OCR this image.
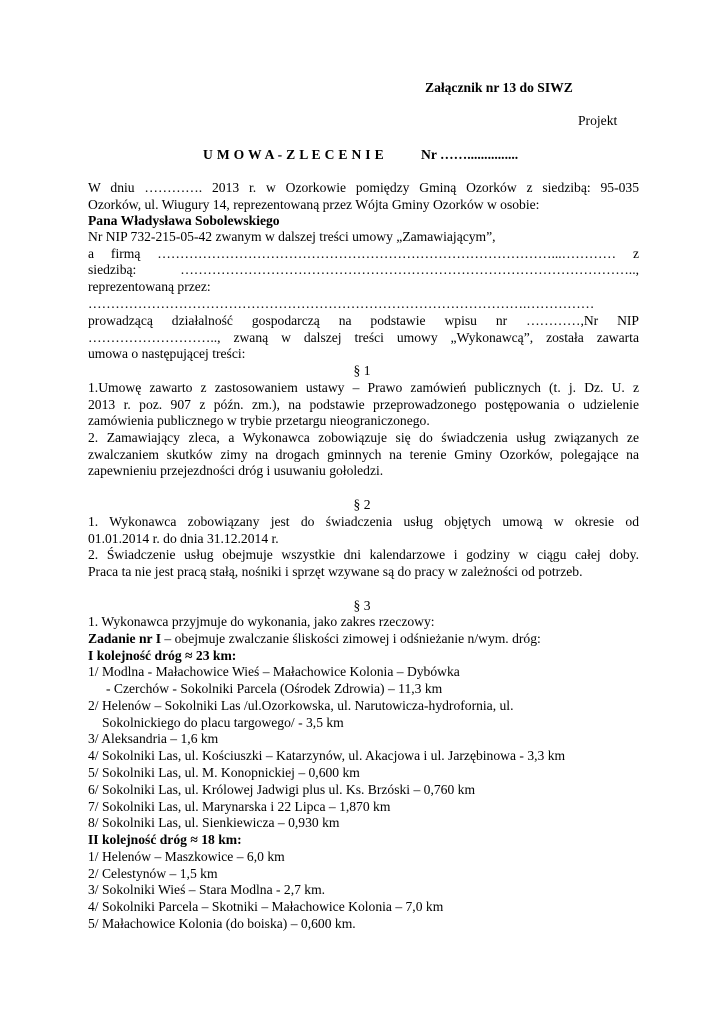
Załącznik nr 13 do SIWZ
Projekt
U M O W A - Z L E C E N I E	Nr ……...............
W dniu …………. 2013 r. w Ozorkowie pomiędzy Gminą Ozorków z siedzibą: 95-035
Ozorków, ul. Wiugury 14, reprezentowaną przez Wójta Gminy Ozorków w osobie:
Pana Władysława Sobolewskiego
Nr NIP 732-215-05-42 zwanym w dalszej treści umowy „Zamawiającym”,
a firmą ……………………………………………………………………………...………… z
siedzibą: ………………………………………………………………………………………..,
reprezentowaną przez:
…………………………………………………………………………………….……………
prowadzącą działalność gospodarczą na podstawie wpisu nr …………,Nr NIP
……………………….., zwaną w dalszej treści umowy „Wykonawcą”, została zawarta
umowa o następującej treści:
§ 1
1.Umowę zawarto z zastosowaniem ustawy – Prawo zamówień publicznych (t. j. Dz. U. z
2013 r. poz. 907 z późn. zm.), na podstawie przeprowadzonego postępowania o udzielenie
zamówienia publicznego w trybie przetargu nieograniczonego.
2. Zamawiający zleca, a Wykonawca zobowiązuje się do świadczenia usług związanych ze
zwalczaniem skutków zimy na drogach gminnych na terenie Gminy Ozorków, polegające na
zapewnieniu przejezdności dróg i usuwaniu gołoledzi.
§ 2
1. Wykonawca zobowiązany jest do świadczenia usług objętych umową w okresie od
01.01.2014 r. do dnia 31.12.2014 r.
2. Świadczenie usług obejmuje wszystkie dni kalendarzowe i godziny w ciągu całej doby.
Praca ta nie jest pracą stałą, nośniki i sprzęt wzywane są do pracy w zależności od potrzeb.
§ 3
1. Wykonawca przyjmuje do wykonania, jako zakres rzeczowy:
Zadanie nr I – obejmuje zwalczanie śliskości zimowej i odśnieżanie n/wym. dróg:
I kolejność dróg ≈ 23 km:
1/ Modlna - Małachowice Wieś – Małachowice Kolonia – Dybówka
- Czerchów - Sokolniki Parcela (Ośrodek Zdrowia) – 11,3 km
2/ Helenów – Sokolniki Las /ul.Ozorkowska, ul. Narutowicza-hydrofornia, ul.
Sokolnickiego do placu targowego/ - 3,5 km
3/ Aleksandria – 1,6 km
4/ Sokolniki Las, ul. Kościuszki – Katarzynów, ul. Akacjowa i ul. Jarzębinowa - 3,3 km
5/ Sokolniki Las, ul. M. Konopnickiej – 0,600 km
6/ Sokolniki Las, ul. Królowej Jadwigi plus ul. Ks. Brzóski – 0,760 km
7/ Sokolniki Las, ul. Marynarska i 22 Lipca – 1,870 km
8/ Sokolniki Las, ul. Sienkiewicza – 0,930 km
II kolejność dróg ≈ 18 km:
1/ Helenów – Maszkowice – 6,0 km
2/ Celestynów – 1,5 km
3/ Sokolniki Wieś – Stara Modlna - 2,7 km.
4/ Sokolniki Parcela – Skotniki – Małachowice Kolonia – 7,0 km
5/ Małachowice Kolonia (do boiska) – 0,600 km.
